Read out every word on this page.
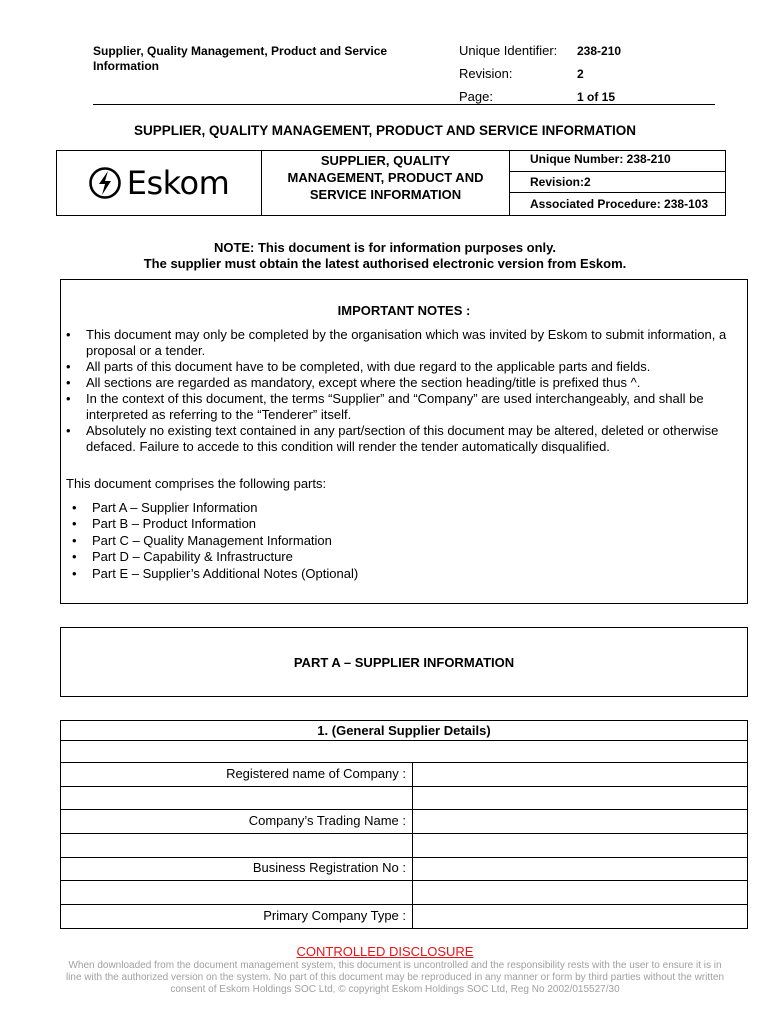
Supplier, Quality Management, Product and Service Information
Unique Identifier: 238-210
Revision:	2
Page:	1 of 15
SUPPLIER, QUALITY MANAGEMENT, PRODUCT AND SERVICE INFORMATION
Eskom
SUPPLIER, QUALITY
MANAGEMENT, PRODUCT AND
SERVICE INFORMATION
Unique Number: 238-210
Revision:2
Associated Procedure: 238-103
NOTE: This document is for information purposes only.
The supplier must obtain the latest authorised electronic version from Eskom.
IMPORTANT NOTES :
• This document may only be completed by the organisation which was invited by Eskom to submit information, a proposal or a tender.
• All parts of this document have to be completed, with due regard to the applicable parts and fields.
• All sections are regarded as mandatory, except where the section heading/title is prefixed thus ^.
• In the context of this document, the terms “Supplier” and “Company” are used interchangeably, and shall be interpreted as referring to the “Tenderer” itself.
• Absolutely no existing text contained in any part/section of this document may be altered, deleted or otherwise defaced. Failure to accede to this condition will render the tender automatically disqualified.
This document comprises the following parts:
• Part A – Supplier Information
• Part B – Product Information
• Part C – Quality Management Information
• Part D – Capability & Infrastructure
• Part E – Supplier’s Additional Notes (Optional)
PART A – SUPPLIER INFORMATION
1. (General Supplier Details)
Registered name of Company :
Company’s Trading Name :
Business Registration No :
Primary Company Type :
CONTROLLED DISCLOSURE
When downloaded from the document management system, this document is uncontrolled and the responsibility rests with the user to ensure it is in line with the authorized version on the system. No part of this document may be reproduced in any manner or form by third parties without the written consent of Eskom Holdings SOC Ltd, © copyright Eskom Holdings SOC Ltd, Reg No 2002/015527/30
